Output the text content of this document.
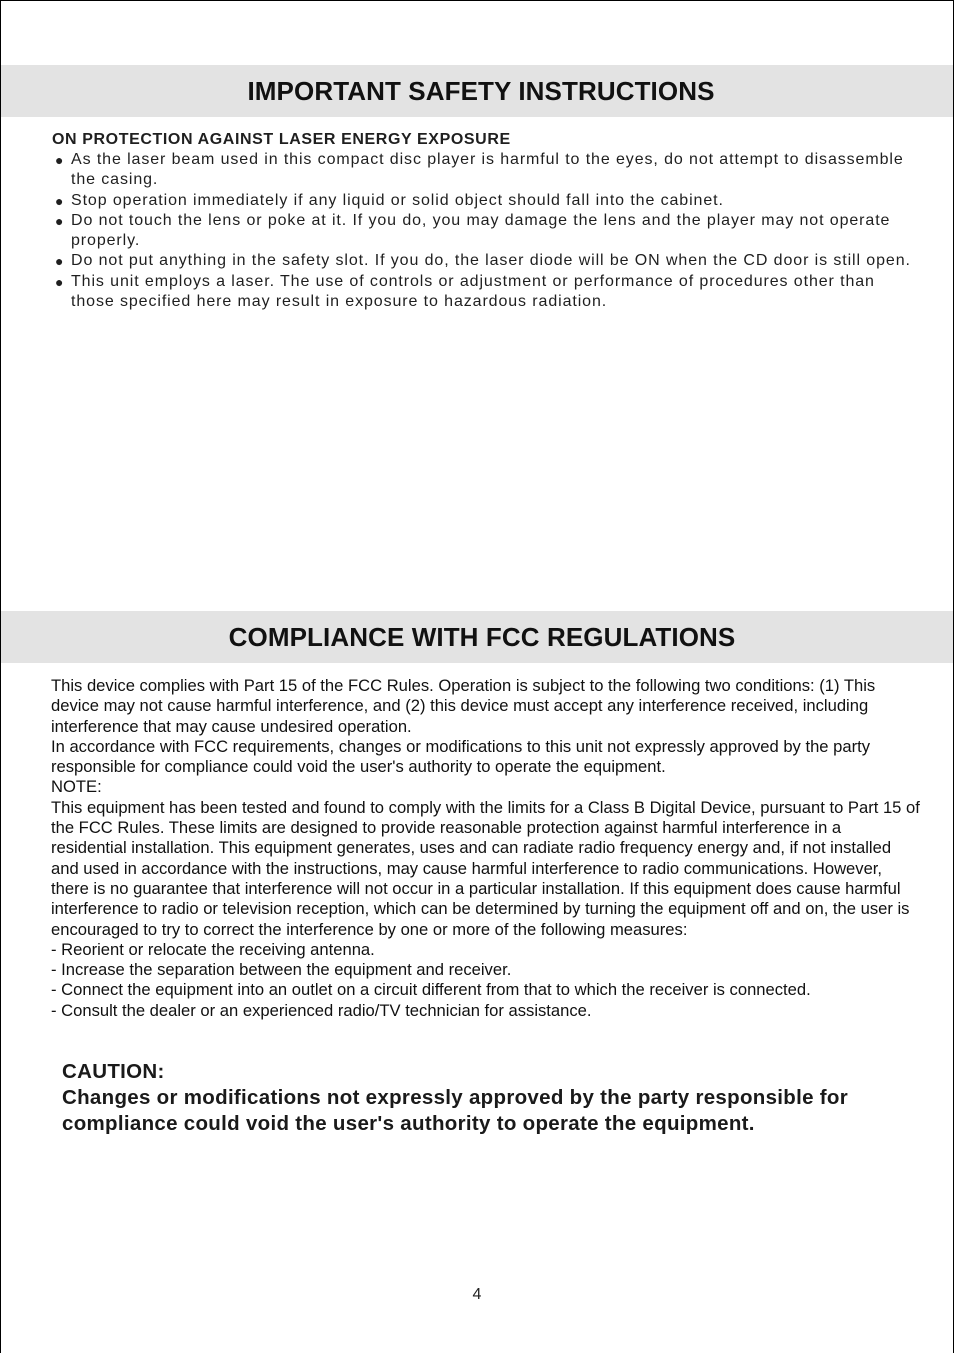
IMPORTANT SAFETY INSTRUCTIONS

ON PROTECTION AGAINST LASER ENERGY EXPOSURE

● As the laser beam used in this compact disc player is harmful to the eyes, do not attempt to disassemble the casing.
● Stop operation immediately if any liquid or solid object should fall into the cabinet.
● Do not touch the lens or poke at it. If you do, you may damage the lens and the player may not operate properly.
● Do not put anything in the safety slot. If you do, the laser diode will be ON when the CD door is still open.
● This unit employs a laser. The use of controls or adjustment or performance of procedures other than those specified here may result in exposure to hazardous radiation.
COMPLIANCE WITH FCC REGULATIONS

This device complies with Part 15 of the FCC Rules. Operation is subject to the following two conditions: (1) This device may not cause harmful interference, and (2) this device must accept any interference received, including interference that may cause undesired operation.

In accordance with FCC requirements, changes or modifications to this unit not expressly approved by the party responsible for compliance could void the user's authority to operate the equipment.

NOTE:

This equipment has been tested and found to comply with the limits for a Class B Digital Device, pursuant to Part 15 of the FCC Rules. These limits are designed to provide reasonable protection against harmful interference in a residential installation. This equipment generates, uses and can radiate radio frequency energy and, if not installed and used in accordance with the instructions, may cause harmful interference to radio communications. However, there is no guarantee that interference will not occur in a particular installation. If this equipment does cause harmful interference to radio or television reception, which can be determined by turning the equipment off and on, the user is encouraged to try to correct the interference by one or more of the following measures:

- Reorient or relocate the receiving antenna.

- Increase the separation between the equipment and receiver.

- Connect the equipment into an outlet on a circuit different from that to which the receiver is connected.

- Consult the dealer or an experienced radio/TV technician for assistance.

CAUTION:

Changes or modifications not expressly approved by the party responsible for compliance could void the user's authority to operate the equipment.

4
